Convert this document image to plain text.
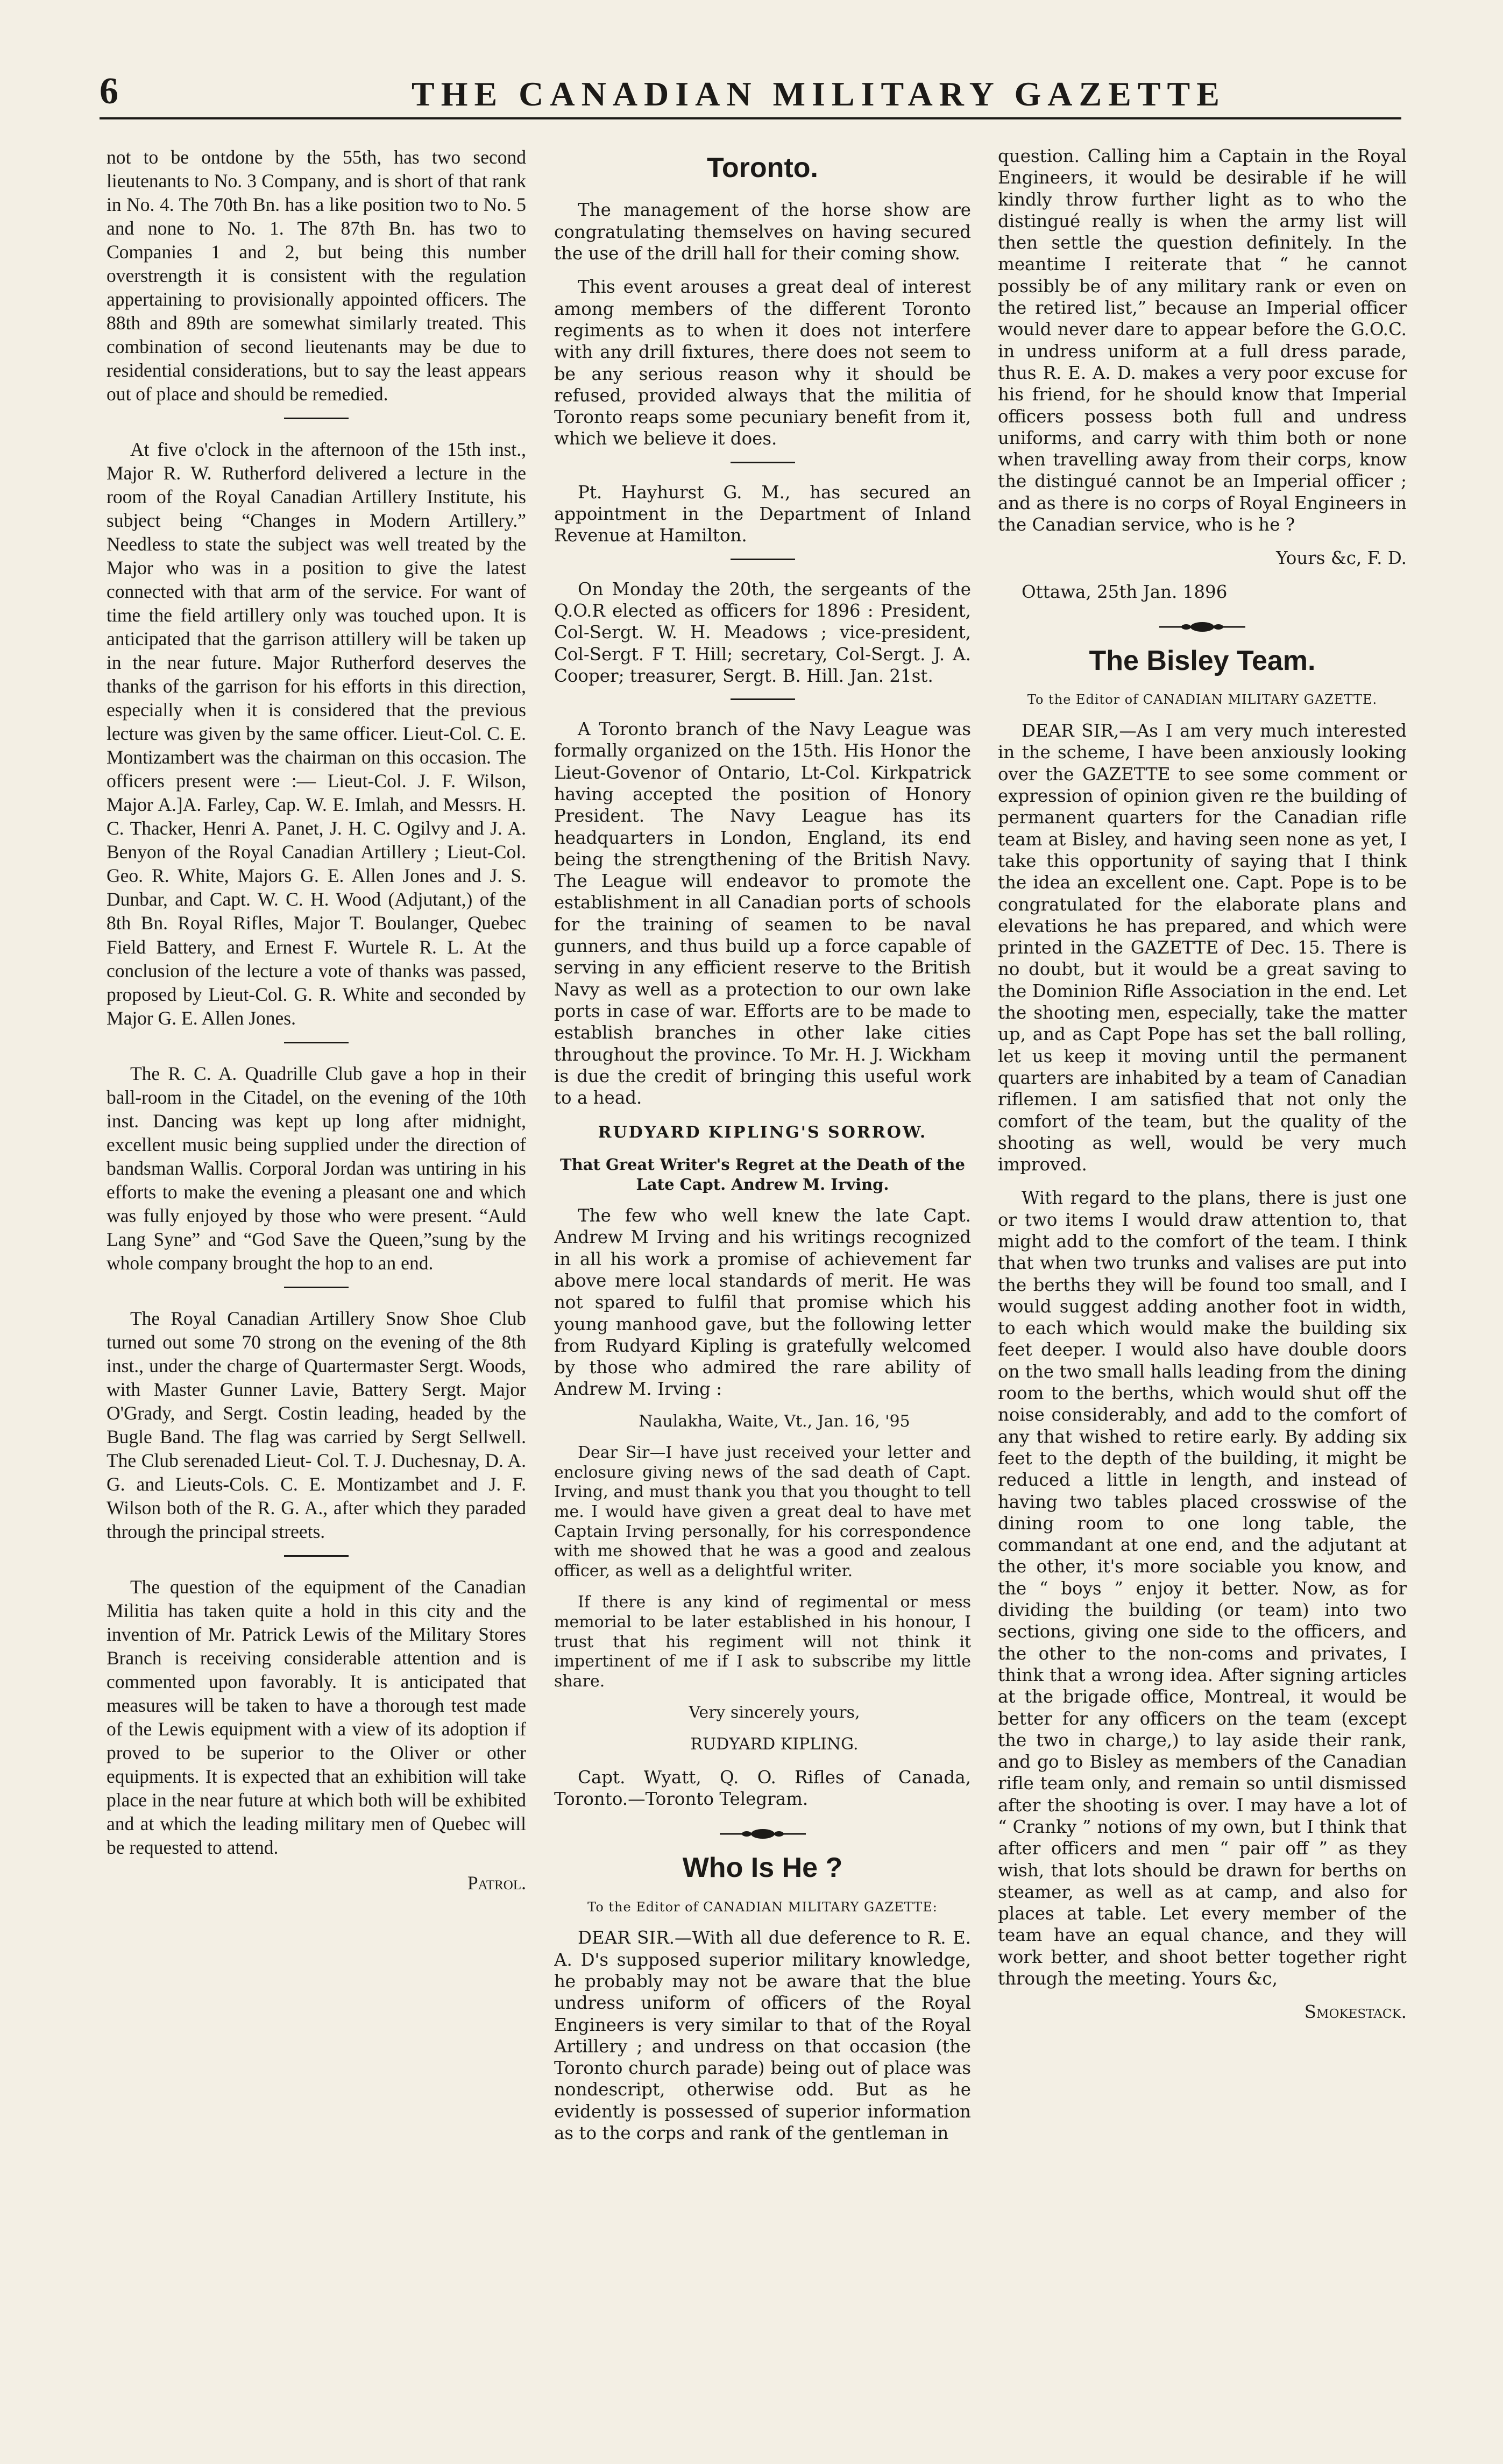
6	THE CANADIAN MILITARY GAZETTE

not to be ontdone by the 55th, has two second lieutenants to No. 3 Company, and is short of that rank in No. 4. The 70th Bn. has a like position two to No. 5 and none to No. 1. The 87th Bn. has two to Companies 1 and 2, but being this number overstrength it is consistent with the regulation appertaining to provisionally appointed officers. The 88th and 89th are somewhat similarly treated. This combination of second lieutenants may be due to residential considerations, but to say the least appears out of place and should be remedied.

At five o'clock in the afternoon of the 15th inst., Major R. W. Rutherford delivered a lecture in the room of the Royal Canadian Artillery Institute, his subject being “Changes in Modern Artillery.” Needless to state the subject was well treated by the Major who was in a position to give the latest connected with that arm of the service. For want of time the field artillery only was touched upon. It is anticipated that the garrison attillery will be taken up in the near future. Major Rutherford deserves the thanks of the garrison for his efforts in this direction, especially when it is considered that the previous lecture was given by the same officer. Lieut-Col. C. E. Montizambert was the chairman on this occasion. The officers present were :— Lieut-Col. J. F. Wilson, Major A.]A. Farley, Cap. W. E. Imlah, and Messrs. H. C. Thacker, Henri A. Panet, J. H. C. Ogilvy and J. A. Benyon of the Royal Canadian Artillery ; Lieut-Col. Geo. R. White, Majors G. E. Allen Jones and J. S. Dunbar, and Capt. W. C. H. Wood (Adjutant,) of the 8th Bn. Royal Rifles, Major T. Boulanger, Quebec Field Battery, and Ernest F. Wurtele R. L. At the conclusion of the lecture a vote of thanks was passed, proposed by Lieut-Col. G. R. White and seconded by Major G. E. Allen Jones.

The R. C. A. Quadrille Club gave a hop in their ball-room in the Citadel, on the evening of the 10th inst. Dancing was kept up long after midnight, excellent music being supplied under the direction of bandsman Wallis. Corporal Jordan was untiring in his efforts to make the evening a pleasant one and which was fully enjoyed by those who were present. “Auld Lang Syne” and “God Save the Queen,”sung by the whole company brought the hop to an end.

The Royal Canadian Artillery Snow Shoe Club turned out some 70 strong on the evening of the 8th inst., under the charge of Quartermaster Sergt. Woods, with Master Gunner Lavie, Battery Sergt. Major O'Grady, and Sergt. Costin leading, headed by the Bugle Band. The flag was carried by Sergt Sellwell. The Club serenaded Lieut- Col. T. J. Duchesnay, D. A. G. and Lieuts-Cols. C. E. Montizambet and J. F. Wilson both of the R. G. A., after which they paraded through the principal streets.

The question of the equipment of the Canadian Militia has taken quite a hold in this city and the invention of Mr. Patrick Lewis of the Military Stores Branch is receiving considerable attention and is commented upon favorably. It is anticipated that measures will be taken to have a thorough test made of the Lewis equipment with a view of its adoption if proved to be superior to the Oliver or other equipments. It is expected that an exhibition will take place in the near future at which both will be exhibited and at which the leading military men of Quebec will be requested to attend.

Patrol.

Toronto.

The management of the horse show are congratulating themselves on having secured the use of the drill hall for their coming show.

This event arouses a great deal of interest among members of the different Toronto regiments as to when it does not interfere with any drill fixtures, there does not seem to be any serious reason why it should be refused, provided always that the militia of Toronto reaps some pecuniary benefit from it, which we believe it does.

Pt. Hayhurst G. M., has secured an appointment in the Department of Inland Revenue at Hamilton.

On Monday the 20th, the sergeants of the Q.O.R elected as officers for 1896 : President, Col-Sergt. W. H. Meadows ; vice-president, Col-Sergt. F T. Hill; secretary, Col-Sergt. J. A. Cooper; treasurer, Sergt. B. Hill. Jan. 21st.

A Toronto branch of the Navy League was formally organized on the 15th. His Honor the Lieut-Govenor of Ontario, Lt-Col. Kirkpatrick having accepted the position of Honory President. The Navy League has its headquarters in London, England, its end being the strengthening of the British Navy. The League will endeavor to promote the establishment in all Canadian ports of schools for the training of seamen to be naval gunners, and thus build up a force capable of serving in any efficient reserve to the British Navy as well as a protection to our own lake ports in case of war. Efforts are to be made to establish branches in other lake cities throughout the province. To Mr. H. J. Wickham is due the credit of bringing this useful work to a head.

RUDYARD KIPLING'S SORROW.
That Great Writer's Regret at the Death of the Late Capt. Andrew M. Irving.

The few who well knew the late Capt. Andrew M Irving and his writings recognized in all his work a promise of achievement far above mere local standards of merit. He was not spared to fulfil that promise which his young manhood gave, but the following letter from Rudyard Kipling is gratefully welcomed by those who admired the rare ability of Andrew M. Irving :

Naulakha, Waite, Vt., Jan. 16, '95

Dear Sir—I have just received your letter and enclosure giving news of the sad death of Capt. Irving, and must thank you that you thought to tell me. I would have given a great deal to have met Captain Irving personally, for his correspondence with me showed that he was a good and zealous officer, as well as a delightful writer.

If there is any kind of regimental or mess memorial to be later established in his honour, I trust that his regiment will not think it impertinent of me if I ask to subscribe my little share.

Very sincerely yours,

RUDYARD KIPLING.

Capt. Wyatt, Q. O. Rifles of Canada, Toronto.—Toronto Telegram.

Who Is He ?
To the Editor of CANADIAN MILITARY GAZETTE:

DEAR SIR.—With all due deference to R. E. A. D's supposed superior military knowledge, he probably may not be aware that the blue undress uniform of officers of the Royal Engineers is very similar to that of the Royal Artillery ; and undress on that occasion (the Toronto church parade) being out of place was nondescript, otherwise odd. But as he evidently is possessed of superior information as to the corps and rank of the gentleman in

question. Calling him a Captain in the Royal Engineers, it would be desirable if he will kindly throw further light as to who the distingué really is when the army list will then settle the question definitely. In the meantime I reiterate that “ he cannot possibly be of any military rank or even on the retired list,” because an Imperial officer would never dare to appear before the G.O.C. in undress uniform at a full dress parade, thus R. E. A. D. makes a very poor excuse for his friend, for he should know that Imperial officers possess both full and undress uniforms, and carry with thim both or none when travelling away from their corps, know the distingué cannot be an Imperial officer ; and as there is no corps of Royal Engineers in the Canadian service, who is he ?

Yours &c, F. D.

Ottawa, 25th Jan. 1896

The Bisley Team.
To the Editor of CANADIAN MILITARY GAZETTE.

DEAR SIR,—As I am very much interested in the scheme, I have been anxiously looking over the GAZETTE to see some comment or expression of opinion given re the building of permanent quarters for the Canadian rifle team at Bisley, and having seen none as yet, I take this opportunity of saying that I think the idea an excellent one. Capt. Pope is to be congratulated for the elaborate plans and elevations he has prepared, and which were printed in the GAZETTE of Dec. 15. There is no doubt, but it would be a great saving to the Dominion Rifle Association in the end. Let the shooting men, especially, take the matter up, and as Capt Pope has set the ball rolling, let us keep it moving until the permanent quarters are inhabited by a team of Canadian riflemen. I am satisfied that not only the comfort of the team, but the quality of the shooting as well, would be very much improved.

With regard to the plans, there is just one or two items I would draw attention to, that might add to the comfort of the team. I think that when two trunks and valises are put into the berths they will be found too small, and I would suggest adding another foot in width, to each which would make the building six feet deeper. I would also have double doors on the two small halls leading from the dining room to the berths, which would shut off the noise considerably, and add to the comfort of any that wished to retire early. By adding six feet to the depth of the building, it might be reduced a little in length, and instead of having two tables placed crosswise of the dining room to one long table, the commandant at one end, and the adjutant at the other, it's more sociable you know, and the “ boys ” enjoy it better. Now, as for dividing the building (or team) into two sections, giving one side to the officers, and the other to the non-coms and privates, I think that a wrong idea. After signing articles at the brigade office, Montreal, it would be better for any officers on the team (except the two in charge,) to lay aside their rank, and go to Bisley as members of the Canadian rifle team only, and remain so until dismissed after the shooting is over. I may have a lot of “ Cranky ” notions of my own, but I think that after officers and men “ pair off ” as they wish, that lots should be drawn for berths on steamer, as well as at camp, and also for places at table. Let every member of the team have an equal chance, and they will work better, and shoot better together right through the meeting. Yours &c,

Smokestack.
